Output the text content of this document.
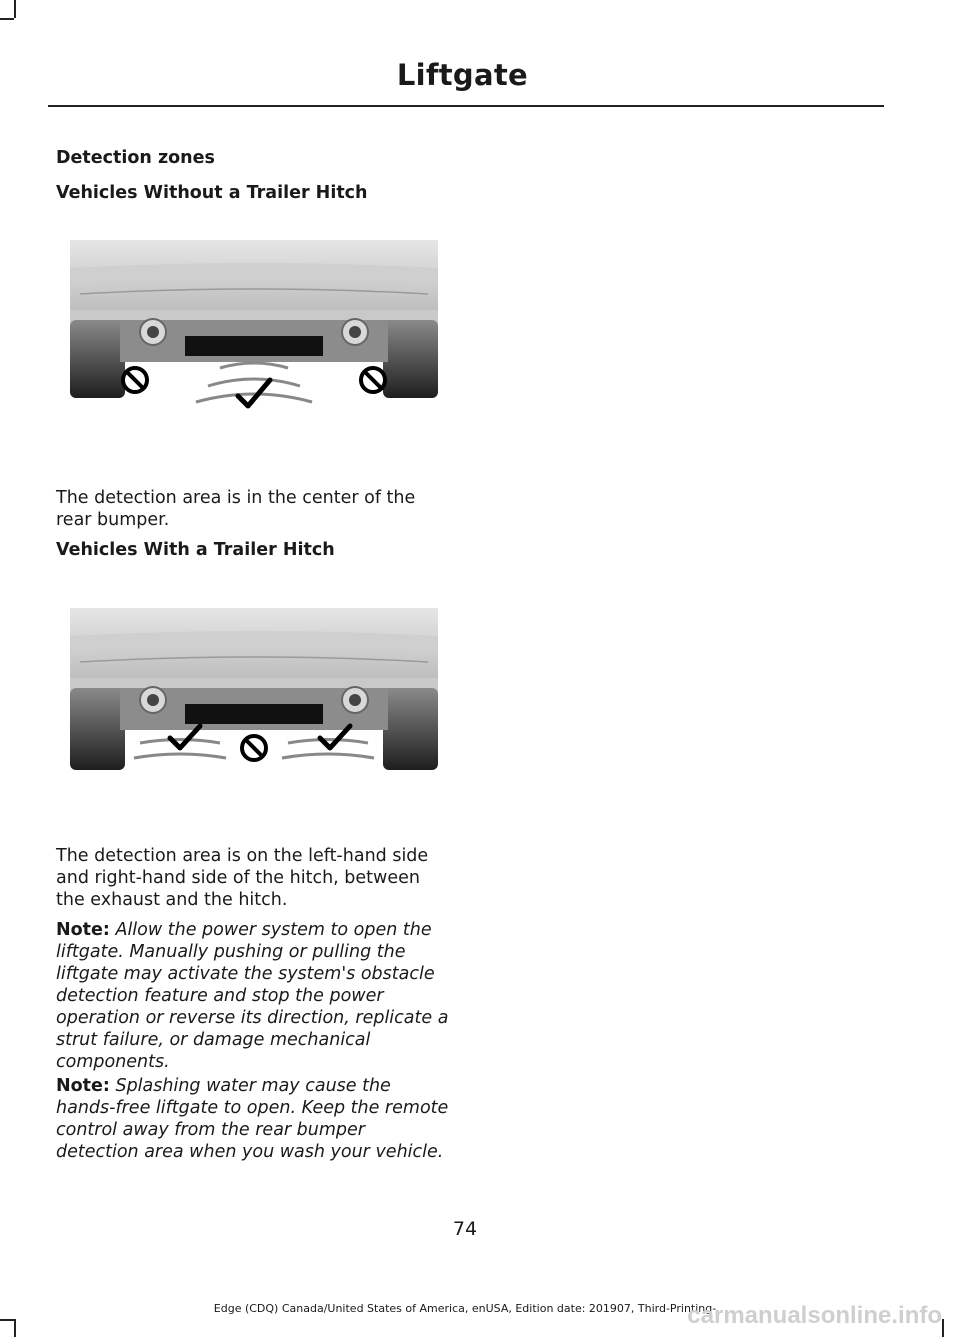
Liftgate
Detection zones
Vehicles Without a Trailer Hitch
The detection area is in the center of the rear bumper.
Vehicles With a Trailer Hitch
The detection area is on the left-hand side and right-hand side of the hitch, between the exhaust and the hitch.
Note: Allow the power system to open the liftgate. Manually pushing or pulling the liftgate may activate the system's obstacle detection feature and stop the power operation or reverse its direction, replicate a strut failure, or damage mechanical components.
Note: Splashing water may cause the hands-free liftgate to open. Keep the remote control away from the rear bumper detection area when you wash your vehicle.
74
Edge (CDQ) Canada/United States of America, enUSA, Edition date: 201907, Third-Printing-
carmanualsonline.info
